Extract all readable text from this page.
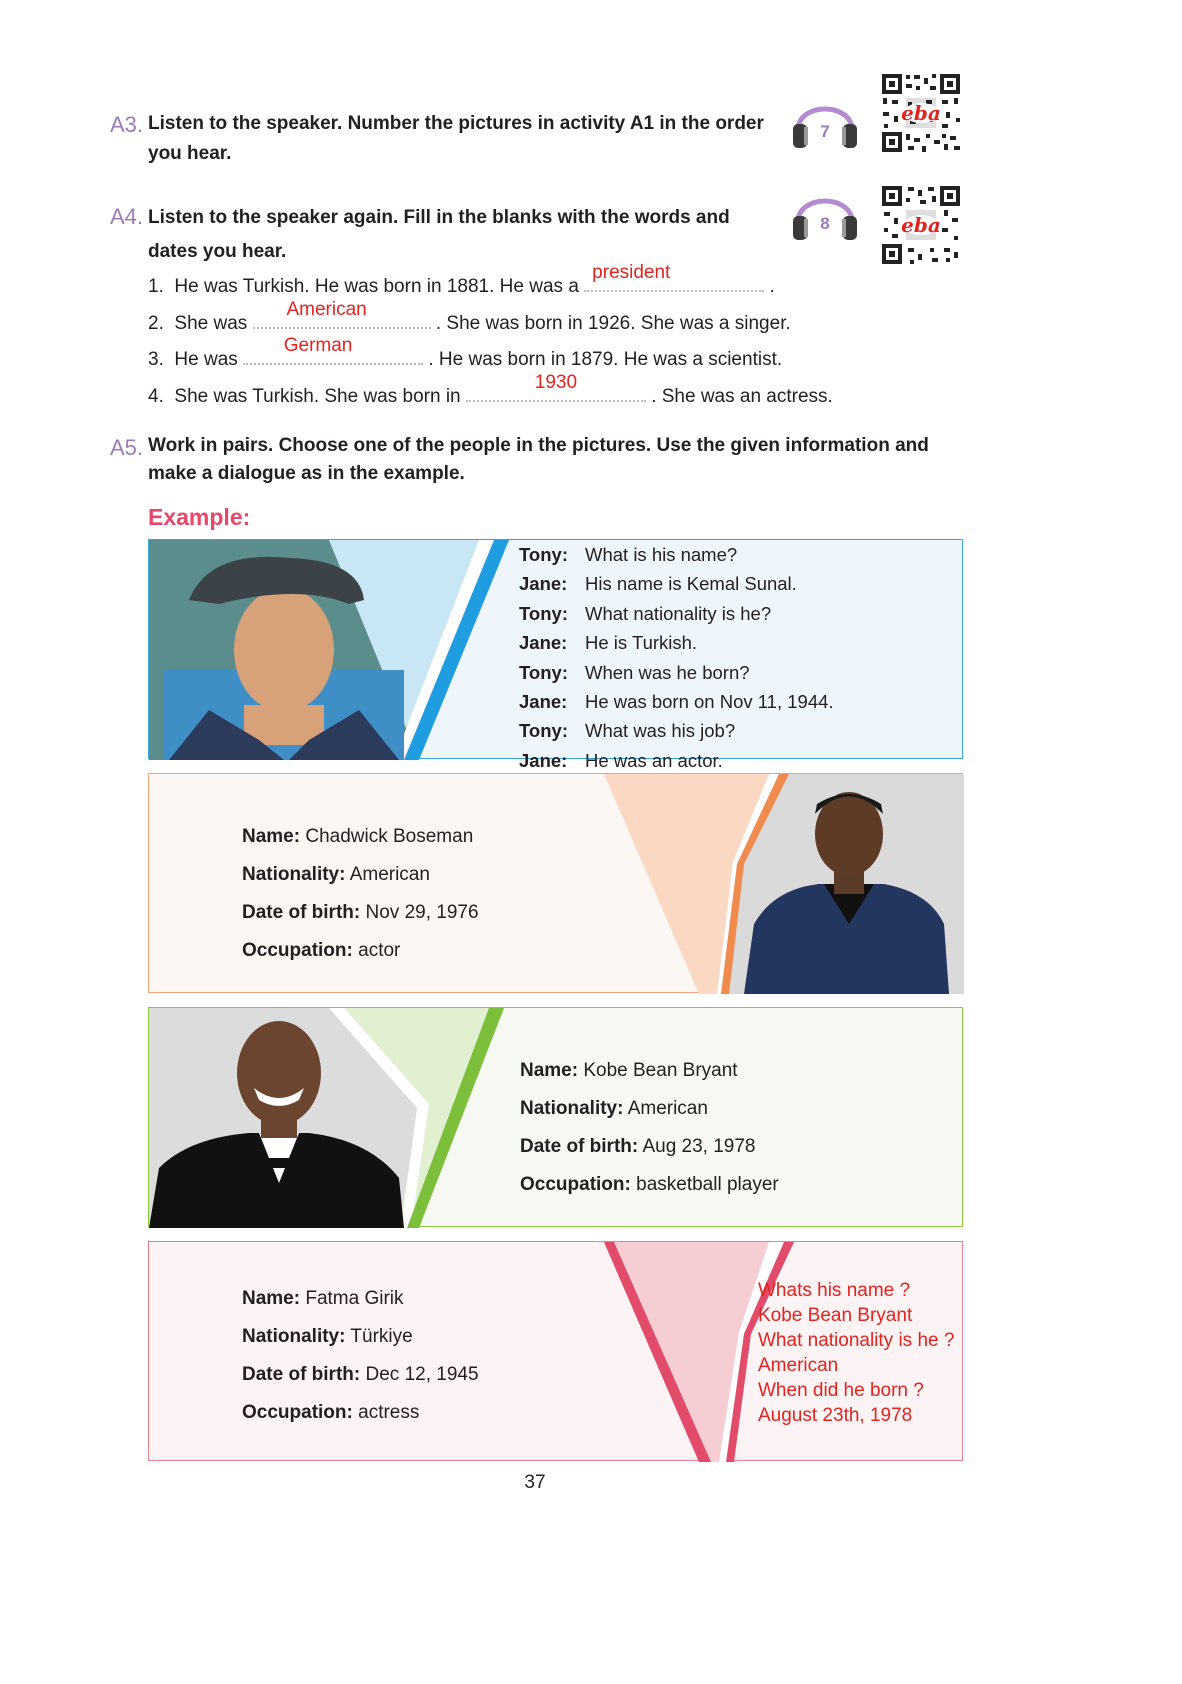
A3. Listen to the speaker. Number the pictures in activity A1 in the order
you hear.
7
eba
A4. Listen to the speaker again. Fill in the blanks with the words and
dates you hear.
8	eba
1. He was Turkish. He was born in 1881. He was a
president
.
2. She was
American
. She was born in 1926. She was a singer.
3. He was
German
. He was born in 1879. He was a scientist.
4. She was Turkish. She was born in
1930
. She was an actress.
A5. Work in pairs. Choose one of the people in the pictures. Use the given information and
make a dialogue as in the example.
Example:
Tony: What is his name?
Jane: His name is Kemal Sunal.
Tony: What nationality is he?
Jane: He is Turkish.
Tony: When was he born?
Jane: He was born on Nov 11, 1944.
Tony: What was his job?
Jane: He was an actor.
Name: Chadwick Boseman
Nationality: American
Date of birth: Nov 29, 1976
Occupation: actor
Name: Kobe Bean Bryant
Nationality: American
Date of birth: Aug 23, 1978
Occupation: basketball player
Name: Fatma Girik
Nationality: Türkiye
Date of birth: Dec 12, 1945
Occupation: actress
Whats his name ?
Kobe Bean Bryant
What nationality is he ?
American
When did he born ?
August 23th, 1978
37
